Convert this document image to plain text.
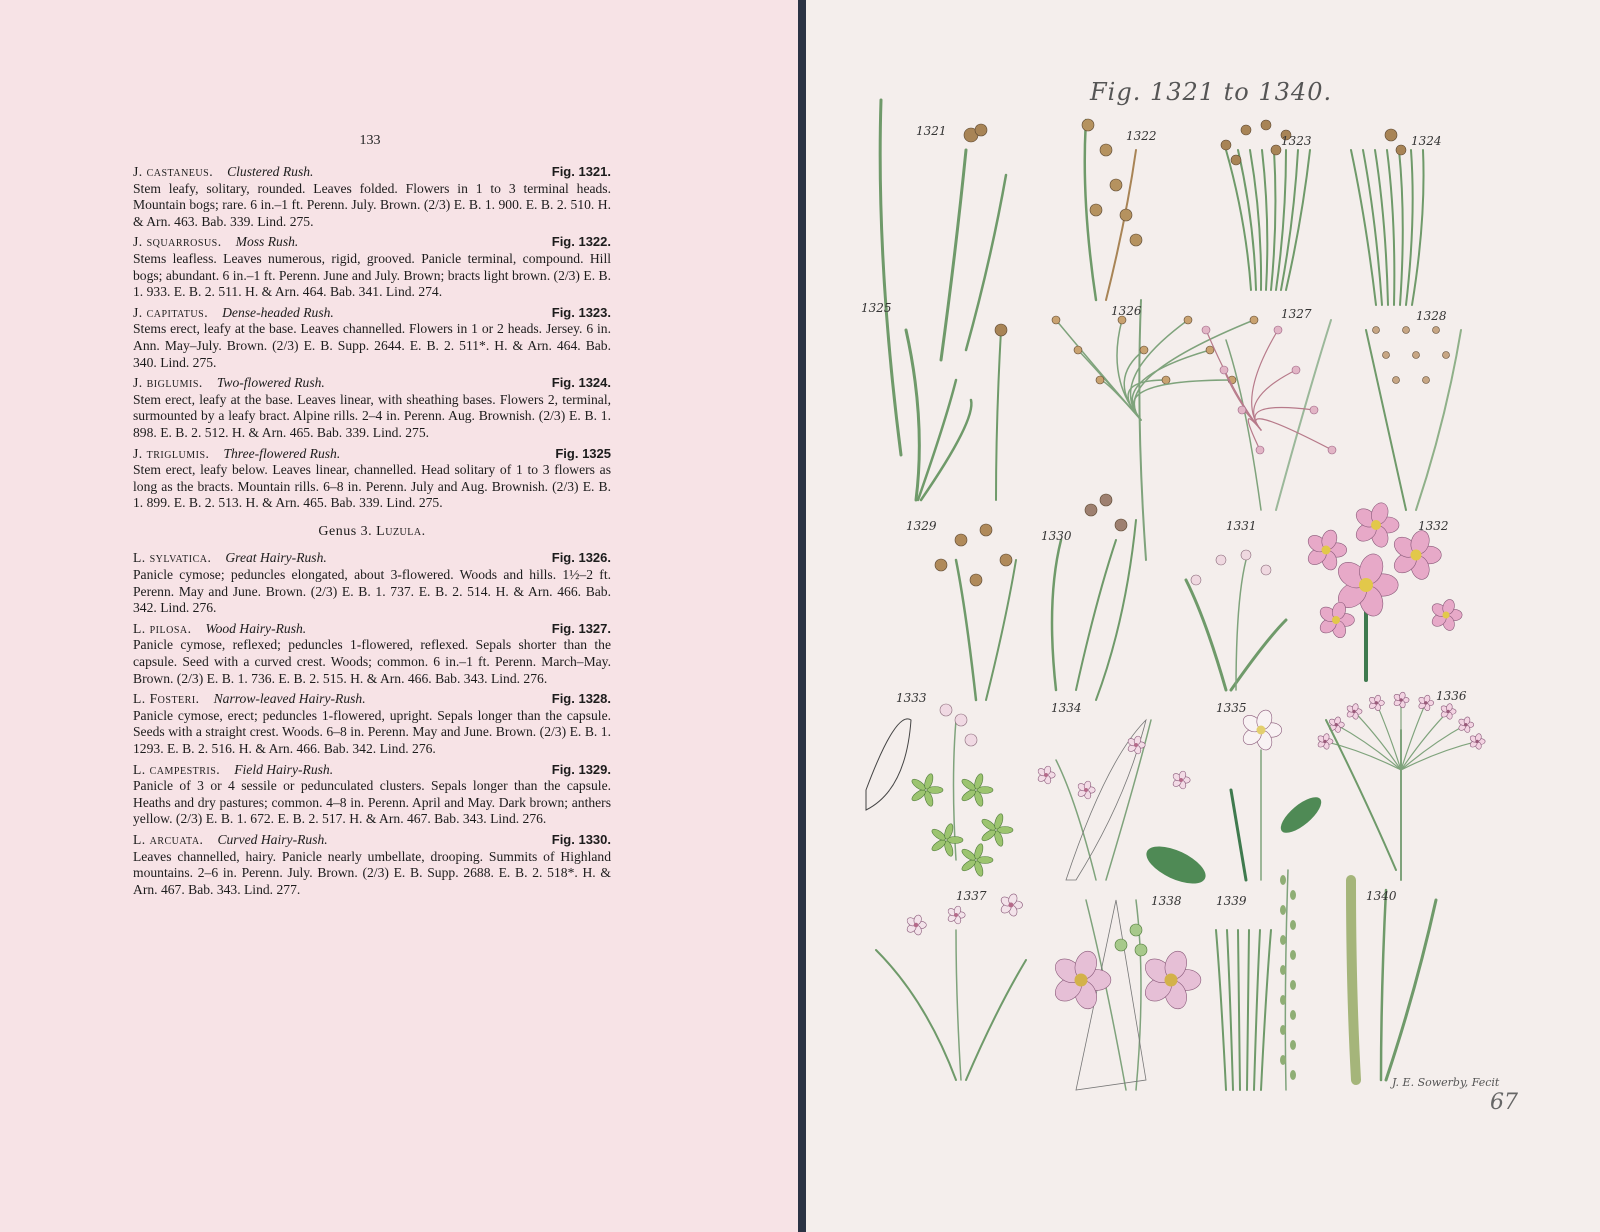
133
J. castaneus. Clustered Rush.	Fig. 1321.
Stem leafy, solitary, rounded. Leaves folded. Flowers in 1 to 3 terminal heads. Mountain bogs; rare. 6 in.–1 ft. Perenn. July. Brown. (2/3) E. B. 1. 900. E. B. 2. 510. H. & Arn. 463. Bab. 339. Lind. 275.
J. squarrosus. Moss Rush.	Fig. 1322.
Stems leafless. Leaves numerous, rigid, grooved. Panicle terminal, compound. Hill bogs; abundant. 6 in.–1 ft. Perenn. June and July. Brown; bracts light brown. (2/3) E. B. 1. 933. E. B. 2. 511. H. & Arn. 464. Bab. 341. Lind. 274.
J. capitatus. Dense-headed Rush.	Fig. 1323.
Stems erect, leafy at the base. Leaves channelled. Flowers in 1 or 2 heads. Jersey. 6 in. Ann. May–July. Brown. (2/3) E. B. Supp. 2644. E. B. 2. 511*. H. & Arn. 464. Bab. 340. Lind. 275.
J. biglumis. Two-flowered Rush.	Fig. 1324.
Stem erect, leafy at the base. Leaves linear, with sheathing bases. Flowers 2, terminal, surmounted by a leafy bract. Alpine rills. 2–4 in. Perenn. Aug. Brownish. (2/3) E. B. 1. 898. E. B. 2. 512. H. & Arn. 465. Bab. 339. Lind. 275.
J. triglumis. Three-flowered Rush.	Fig. 1325
Stem erect, leafy below. Leaves linear, channelled. Head solitary of 1 to 3 flowers as long as the bracts. Mountain rills. 6–8 in. Perenn. July and Aug. Brownish. (2/3) E. B. 1. 899. E. B. 2. 513. H. & Arn. 465. Bab. 339. Lind. 275.
Genus 3. Luzula.
L. sylvatica. Great Hairy-Rush.	Fig. 1326.
Panicle cymose; peduncles elongated, about 3-flowered. Woods and hills. 1½–2 ft. Perenn. May and June. Brown. (2/3) E. B. 1. 737. E. B. 2. 514. H. & Arn. 466. Bab. 342. Lind. 276.
L. pilosa. Wood Hairy-Rush.	Fig. 1327.
Panicle cymose, reflexed; peduncles 1-flowered, reflexed. Sepals shorter than the capsule. Seed with a curved crest. Woods; common. 6 in.–1 ft. Perenn. March–May. Brown. (2/3) E. B. 1. 736. E. B. 2. 515. H. & Arn. 466. Bab. 343. Lind. 276.
L. Fosteri. Narrow-leaved Hairy-Rush.	Fig. 1328.
Panicle cymose, erect; peduncles 1-flowered, upright. Sepals longer than the capsule. Seeds with a straight crest. Woods. 6–8 in. Perenn. May and June. Brown. (2/3) E. B. 1. 1293. E. B. 2. 516. H. & Arn. 466. Bab. 342. Lind. 276.
L. campestris. Field Hairy-Rush.	Fig. 1329.
Panicle of 3 or 4 sessile or pedunculated clusters. Sepals longer than the capsule. Heaths and dry pastures; common. 4–8 in. Perenn. April and May. Dark brown; anthers yellow. (2/3) E. B. 1. 672. E. B. 2. 517. H. & Arn. 467. Bab. 343. Lind. 276.
L. arcuata. Curved Hairy-Rush.	Fig. 1330.
Leaves channelled, hairy. Panicle nearly umbellate, drooping. Summits of Highland mountains. 2–6 in. Perenn. July. Brown. (2/3) E. B. Supp. 2688. E. B. 2. 518*. H. & Arn. 467. Bab. 343. Lind. 277.
1321	1322	1323	1324
1325	1326	1327	1328
1329
1330
1331	1332
1333
1334	1335
1336
1337	1338	1339	1340
Fig. 1321 to 1340.
J. E. Sowerby, Fecit
67
